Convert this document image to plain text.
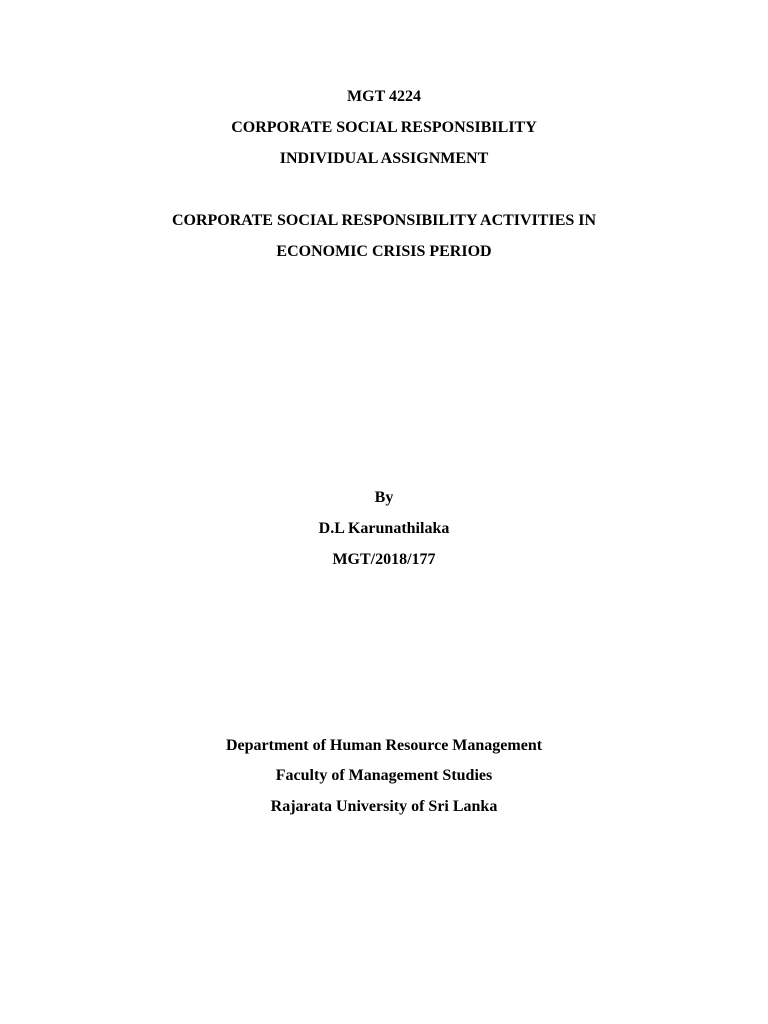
MGT 4224
CORPORATE SOCIAL RESPONSIBILITY
INDIVIDUAL ASSIGNMENT
CORPORATE SOCIAL RESPONSIBILITY ACTIVITIES IN
ECONOMIC CRISIS PERIOD
By
D.L Karunathilaka
MGT/2018/177
Department of Human Resource Management
Faculty of Management Studies
Rajarata University of Sri Lanka
